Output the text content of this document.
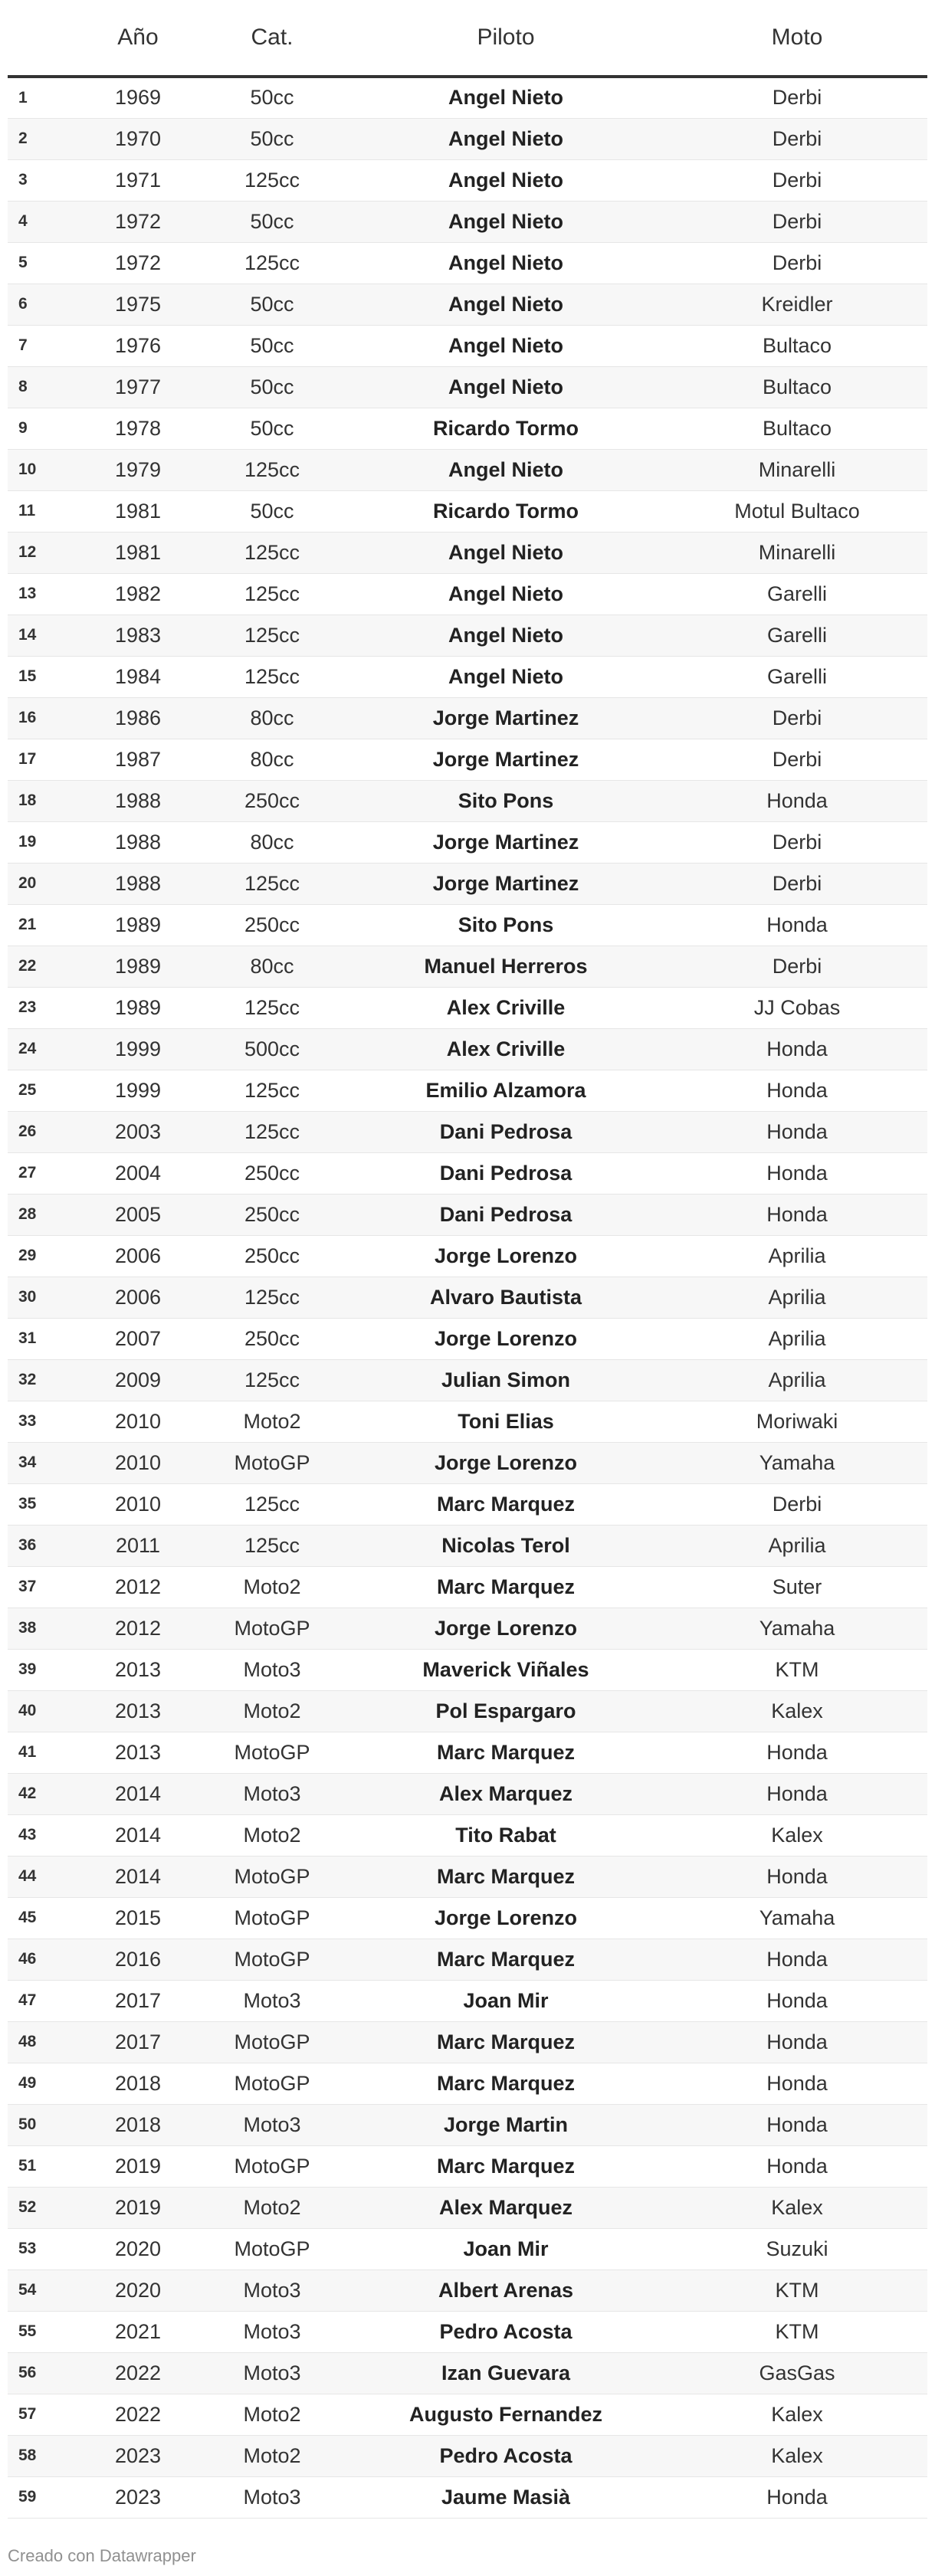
	Año	Cat.	Piloto	Moto
1	1969	50cc	Angel Nieto	Derbi
2	1970	50cc	Angel Nieto	Derbi
3	1971	125cc	Angel Nieto	Derbi
4	1972	50cc	Angel Nieto	Derbi
5	1972	125cc	Angel Nieto	Derbi
6	1975	50cc	Angel Nieto	Kreidler
7	1976	50cc	Angel Nieto	Bultaco
8	1977	50cc	Angel Nieto	Bultaco
9	1978	50cc	Ricardo Tormo	Bultaco
10	1979	125cc	Angel Nieto	Minarelli
11	1981	50cc	Ricardo Tormo	Motul Bultaco
12	1981	125cc	Angel Nieto	Minarelli
13	1982	125cc	Angel Nieto	Garelli
14	1983	125cc	Angel Nieto	Garelli
15	1984	125cc	Angel Nieto	Garelli
16	1986	80cc	Jorge Martinez	Derbi
17	1987	80cc	Jorge Martinez	Derbi
18	1988	250cc	Sito Pons	Honda
19	1988	80cc	Jorge Martinez	Derbi
20	1988	125cc	Jorge Martinez	Derbi
21	1989	250cc	Sito Pons	Honda
22	1989	80cc	Manuel Herreros	Derbi
23	1989	125cc	Alex Criville	JJ Cobas
24	1999	500cc	Alex Criville	Honda
25	1999	125cc	Emilio Alzamora	Honda
26	2003	125cc	Dani Pedrosa	Honda
27	2004	250cc	Dani Pedrosa	Honda
28	2005	250cc	Dani Pedrosa	Honda
29	2006	250cc	Jorge Lorenzo	Aprilia
30	2006	125cc	Alvaro Bautista	Aprilia
31	2007	250cc	Jorge Lorenzo	Aprilia
32	2009	125cc	Julian Simon	Aprilia
33	2010	Moto2	Toni Elias	Moriwaki
34	2010	MotoGP	Jorge Lorenzo	Yamaha
35	2010	125cc	Marc Marquez	Derbi
36	2011	125cc	Nicolas Terol	Aprilia
37	2012	Moto2	Marc Marquez	Suter
38	2012	MotoGP	Jorge Lorenzo	Yamaha
39	2013	Moto3	Maverick Viñales	KTM
40	2013	Moto2	Pol Espargaro	Kalex
41	2013	MotoGP	Marc Marquez	Honda
42	2014	Moto3	Alex Marquez	Honda
43	2014	Moto2	Tito Rabat	Kalex
44	2014	MotoGP	Marc Marquez	Honda
45	2015	MotoGP	Jorge Lorenzo	Yamaha
46	2016	MotoGP	Marc Marquez	Honda
47	2017	Moto3	Joan Mir	Honda
48	2017	MotoGP	Marc Marquez	Honda
49	2018	MotoGP	Marc Marquez	Honda
50	2018	Moto3	Jorge Martin	Honda
51	2019	MotoGP	Marc Marquez	Honda
52	2019	Moto2	Alex Marquez	Kalex
53	2020	MotoGP	Joan Mir	Suzuki
54	2020	Moto3	Albert Arenas	KTM
55	2021	Moto3	Pedro Acosta	KTM
56	2022	Moto3	Izan Guevara	GasGas
57	2022	Moto2	Augusto Fernandez	Kalex
58	2023	Moto2	Pedro Acosta	Kalex
59	2023	Moto3	Jaume Masià	Honda
Creado con Datawrapper
